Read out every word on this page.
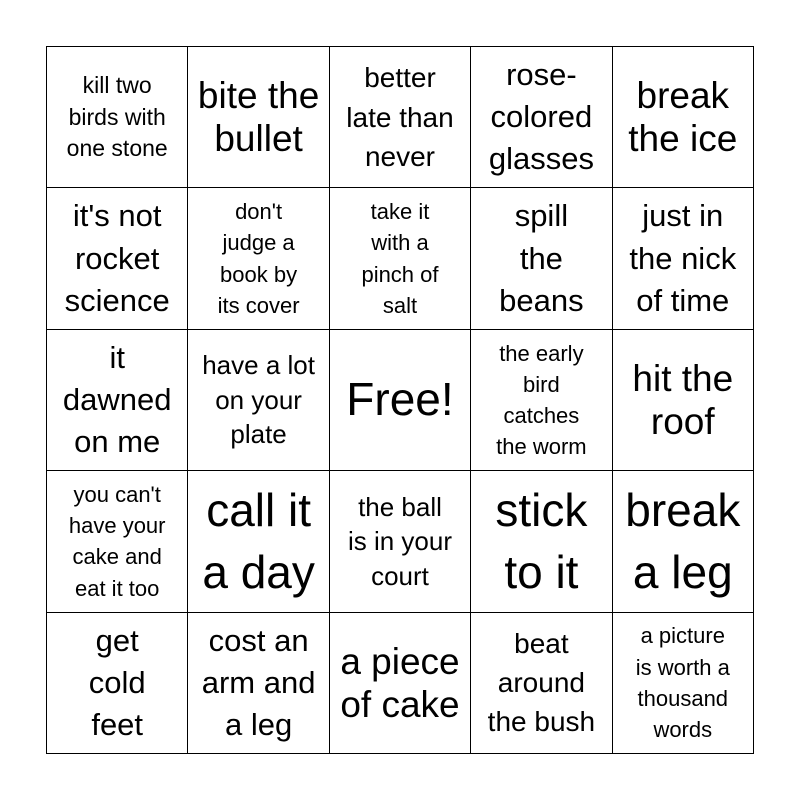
kill two
birds with
one stone
bite the
bullet
better
late than
never
rose-
colored
glasses
break
the ice
it's not
rocket
science
don't
judge a
book by
its cover
take it
with a
pinch of
salt
spill
the
beans
just in
the nick
of time
it
dawned
on me
have a lot
on your
plate
Free!
the early
bird
catches
the worm
hit the
roof
you can't
have your
cake and
eat it too
call it
a day
the ball
is in your
court
stick
to it
break
a leg
get
cold
feet
cost an
arm and
a leg
a piece
of cake
beat
around
the bush
a picture
is worth a
thousand
words
